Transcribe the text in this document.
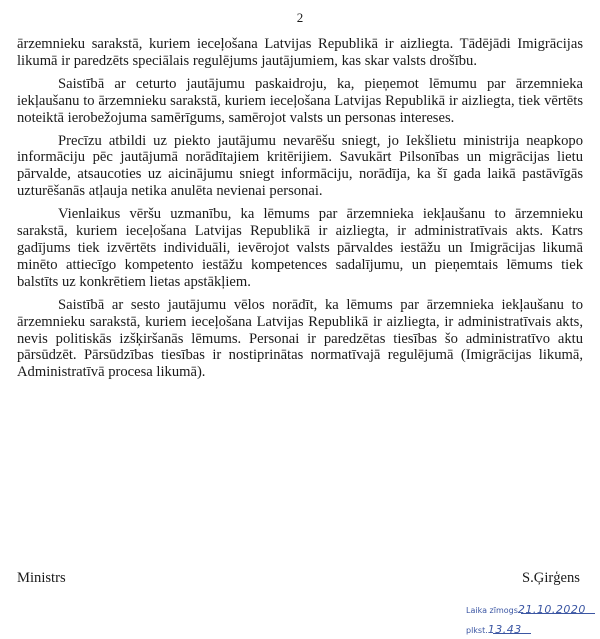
2

ārzemnieku sarakstā, kuriem ieceļošana Latvijas Republikā ir aizliegta. Tādējādi Imigrācijas likumā ir paredzēts speciālais regulējums jautājumiem, kas skar valsts drošību.

Saistībā ar ceturto jautājumu paskaidroju, ka, pieņemot lēmumu par ārzemnieka iekļaušanu to ārzemnieku sarakstā, kuriem ieceļošana Latvijas Republikā ir aizliegta, tiek vērtēts noteiktā ierobežojuma samērīgums, samērojot valsts un personas intereses.

Precīzu atbildi uz piekto jautājumu nevarēšu sniegt, jo Iekšlietu ministrija neapkopo informāciju pēc jautājumā norādītajiem kritērijiem. Savukārt Pilsonības un migrācijas lietu pārvalde, atsaucoties uz aicinājumu sniegt informāciju, norādīja, ka šī gada laikā pastāvīgās uzturēšanās atļauja netika anulēta nevienai personai.

Vienlaikus vēršu uzmanību, ka lēmums par ārzemnieka iekļaušanu to ārzemnieku sarakstā, kuriem ieceļošana Latvijas Republikā ir aizliegta, ir administratīvais akts. Katrs gadījums tiek izvērtēts individuāli, ievērojot valsts pārvaldes iestāžu un Imigrācijas likumā minēto attiecīgo kompetento iestāžu kompetences sadalījumu, un pieņemtais lēmums tiek balstīts uz konkrētiem lietas apstākļiem.

Saistībā ar sesto jautājumu vēlos norādīt, ka lēmums par ārzemnieka iekļaušanu to ārzemnieku sarakstā, kuriem ieceļošana Latvijas Republikā ir aizliegta, ir administratīvais akts, nevis politiskās izšķiršanās lēmums. Personai ir paredzētas tiesības šo administratīvo aktu pārsūdzēt. Pārsūdzības tiesības ir nostiprinātas normatīvajā regulējumā (Imigrācijas likumā, Administratīvā procesa likumā).

Ministrs	S.Ģirģens
Laika zīmogs21.10.2020
plkst.13.43
